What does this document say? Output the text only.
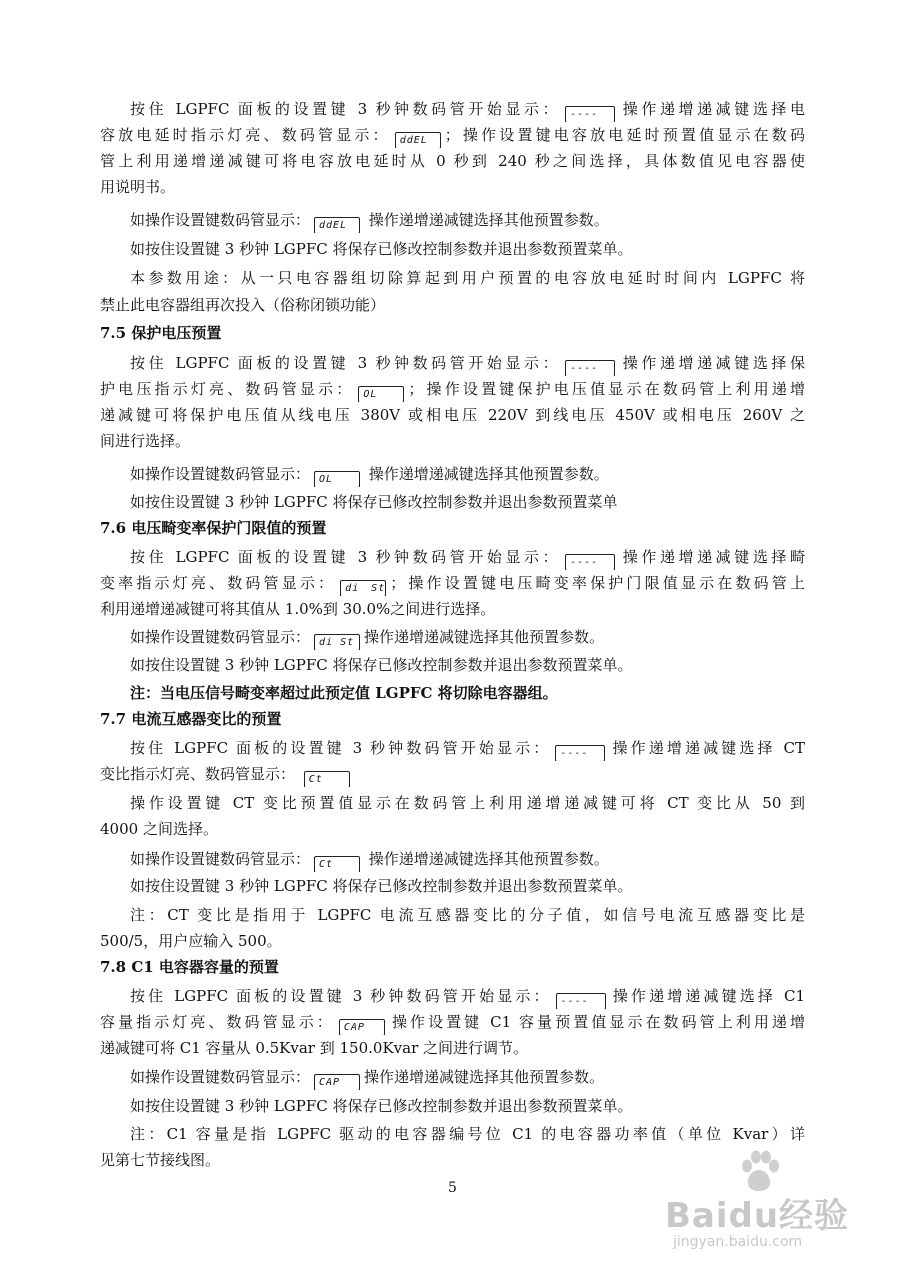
按住 LGPFC 面板的设置键 3 秒钟数码管开始显示： ---- 操作递增递减键选择电
容放电延时指示灯亮、数码管显示： ddEL ；操作设置键电容放电延时预置值显示在数码
管上利用递增递减键可将电容放电延时从 0 秒到 240 秒之间选择，具体数值见电容器使
用说明书。
如操作设置键数码管显示： ddEL 操作递增递减键选择其他预置参数。
如按住设置键 3 秒钟 LGPFC 将保存已修改控制参数并退出参数预置菜单。
本参数用途：从一只电容器组切除算起到用户预置的电容放电延时时间内 LGPFC 将
禁止此电容器组再次投入（俗称闭锁功能）
7.5 保护电压预置
按住 LGPFC 面板的设置键 3 秒钟数码管开始显示： ---- 操作递增递减键选择保
护电压指示灯亮、数码管显示： OL ；操作设置键保护电压值显示在数码管上利用递增
递减键可将保护电压值从线电压 380V 或相电压 220V 到线电压 450V 或相电压 260V 之
间进行选择。
如操作设置键数码管显示： OL 操作递增递减键选择其他预置参数。
如按住设置键 3 秒钟 LGPFC 将保存已修改控制参数并退出参数预置菜单
7.6 电压畸变率保护门限值的预置
按住 LGPFC 面板的设置键 3 秒钟数码管开始显示： ---- 操作递增递减键选择畸
变率指示灯亮、数码管显示： di St ；操作设置键电压畸变率保护门限值显示在数码管上
利用递增递减键可将其值从 1.0%到 30.0%之间进行选择。
如操作设置键数码管显示： di St 操作递增递减键选择其他预置参数。
如按住设置键 3 秒钟 LGPFC 将保存已修改控制参数并退出参数预置菜单。
注：当电压信号畸变率超过此预定值 LGPFC 将切除电容器组。
7.7 电流互感器变比的预置
按住 LGPFC 面板的设置键 3 秒钟数码管开始显示： ---- 操作递增递减键选择 CT
变比指示灯亮、数码管显示： Ct
操作设置键 CT 变比预置值显示在数码管上利用递增递减键可将 CT 变比从 50 到
4000 之间选择。
如操作设置键数码管显示： Ct 操作递增递减键选择其他预置参数。
如按住设置键 3 秒钟 LGPFC 将保存已修改控制参数并退出参数预置菜单。
注：CT 变比是指用于 LGPFC 电流互感器变比的分子值，如信号电流互感器变比是
500/5，用户应输入 500。
7.8 C1 电容器容量的预置
按住 LGPFC 面板的设置键 3 秒钟数码管开始显示： ---- 操作递增递减键选择 C1
容量指示灯亮、数码管显示： CAP 操作设置键 C1 容量预置值显示在数码管上利用递增
递减键可将 C1 容量从 0.5Kvar 到 150.0Kvar 之间进行调节。
如操作设置键数码管显示： CAP 操作递增递减键选择其他预置参数。
如按住设置键 3 秒钟 LGPFC 将保存已修改控制参数并退出参数预置菜单。
注：C1 容量是指 LGPFC 驱动的电容器编号位 C1 的电容器功率值（单位 Kvar）详
见第七节接线图。
5
Baidu经验
jingyan.baidu.com
